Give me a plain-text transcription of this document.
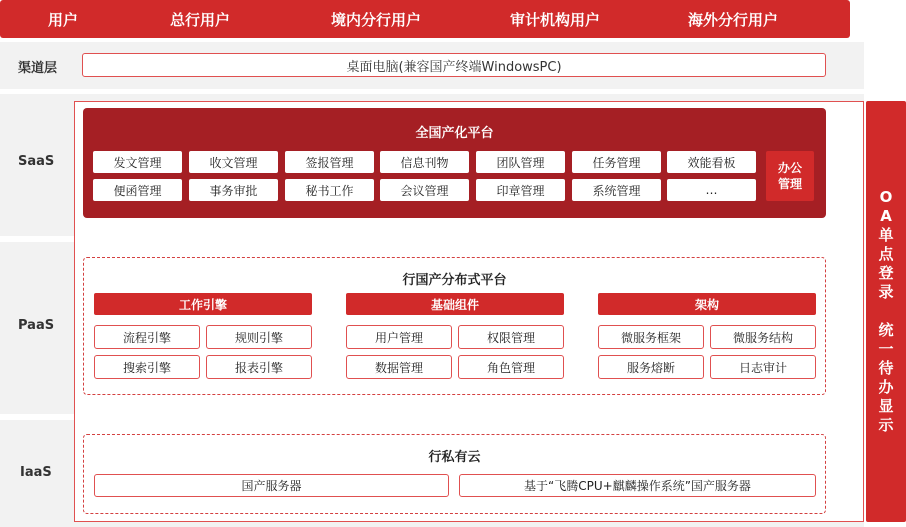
用户	总行用户	境内分行用户	审计机构用户	海外分行用户
渠道层
SaaS
PaaS
IaaS
桌面电脑(兼容国产终端WindowsPC)
全国产化平台
发文管理	收文管理	签报管理	信息刊物	团队管理	任务管理	效能看板
便函管理	事务审批	秘书工作	会议管理	印章管理	系统管理	…
办公管理
行国产分布式平台
工作引擎
流程引擎	规则引擎
搜索引擎	报表引擎
基础组件
用户管理	权限管理
数据管理	角色管理
架构
微服务框架	微服务结构
服务熔断	日志审计
行私有云
国产服务器	基于“飞腾CPU+麒麟操作系统”国产服务器
O
A
单
点
登
录
统
一
待
办
显
示
